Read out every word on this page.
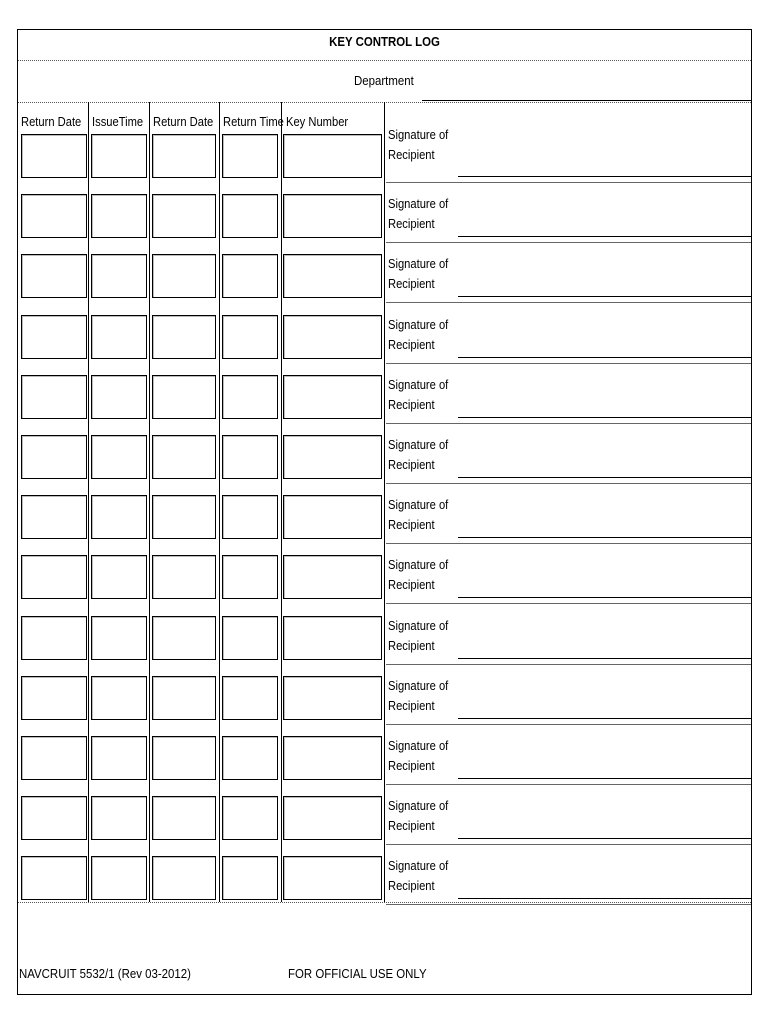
KEY CONTROL LOG
Department
Return Date IssueTime Return Date Return Time Key Number
Signature of
Recipient
Signature of
Recipient
Signature of
Recipient
Signature of
Recipient
Signature of
Recipient
Signature of
Recipient
Signature of
Recipient
Signature of
Recipient
Signature of
Recipient
Signature of
Recipient
Signature of
Recipient
Signature of
Recipient
Signature of
Recipient
NAVCRUIT 5532/1 (Rev 03-2012)	FOR OFFICIAL USE ONLY
